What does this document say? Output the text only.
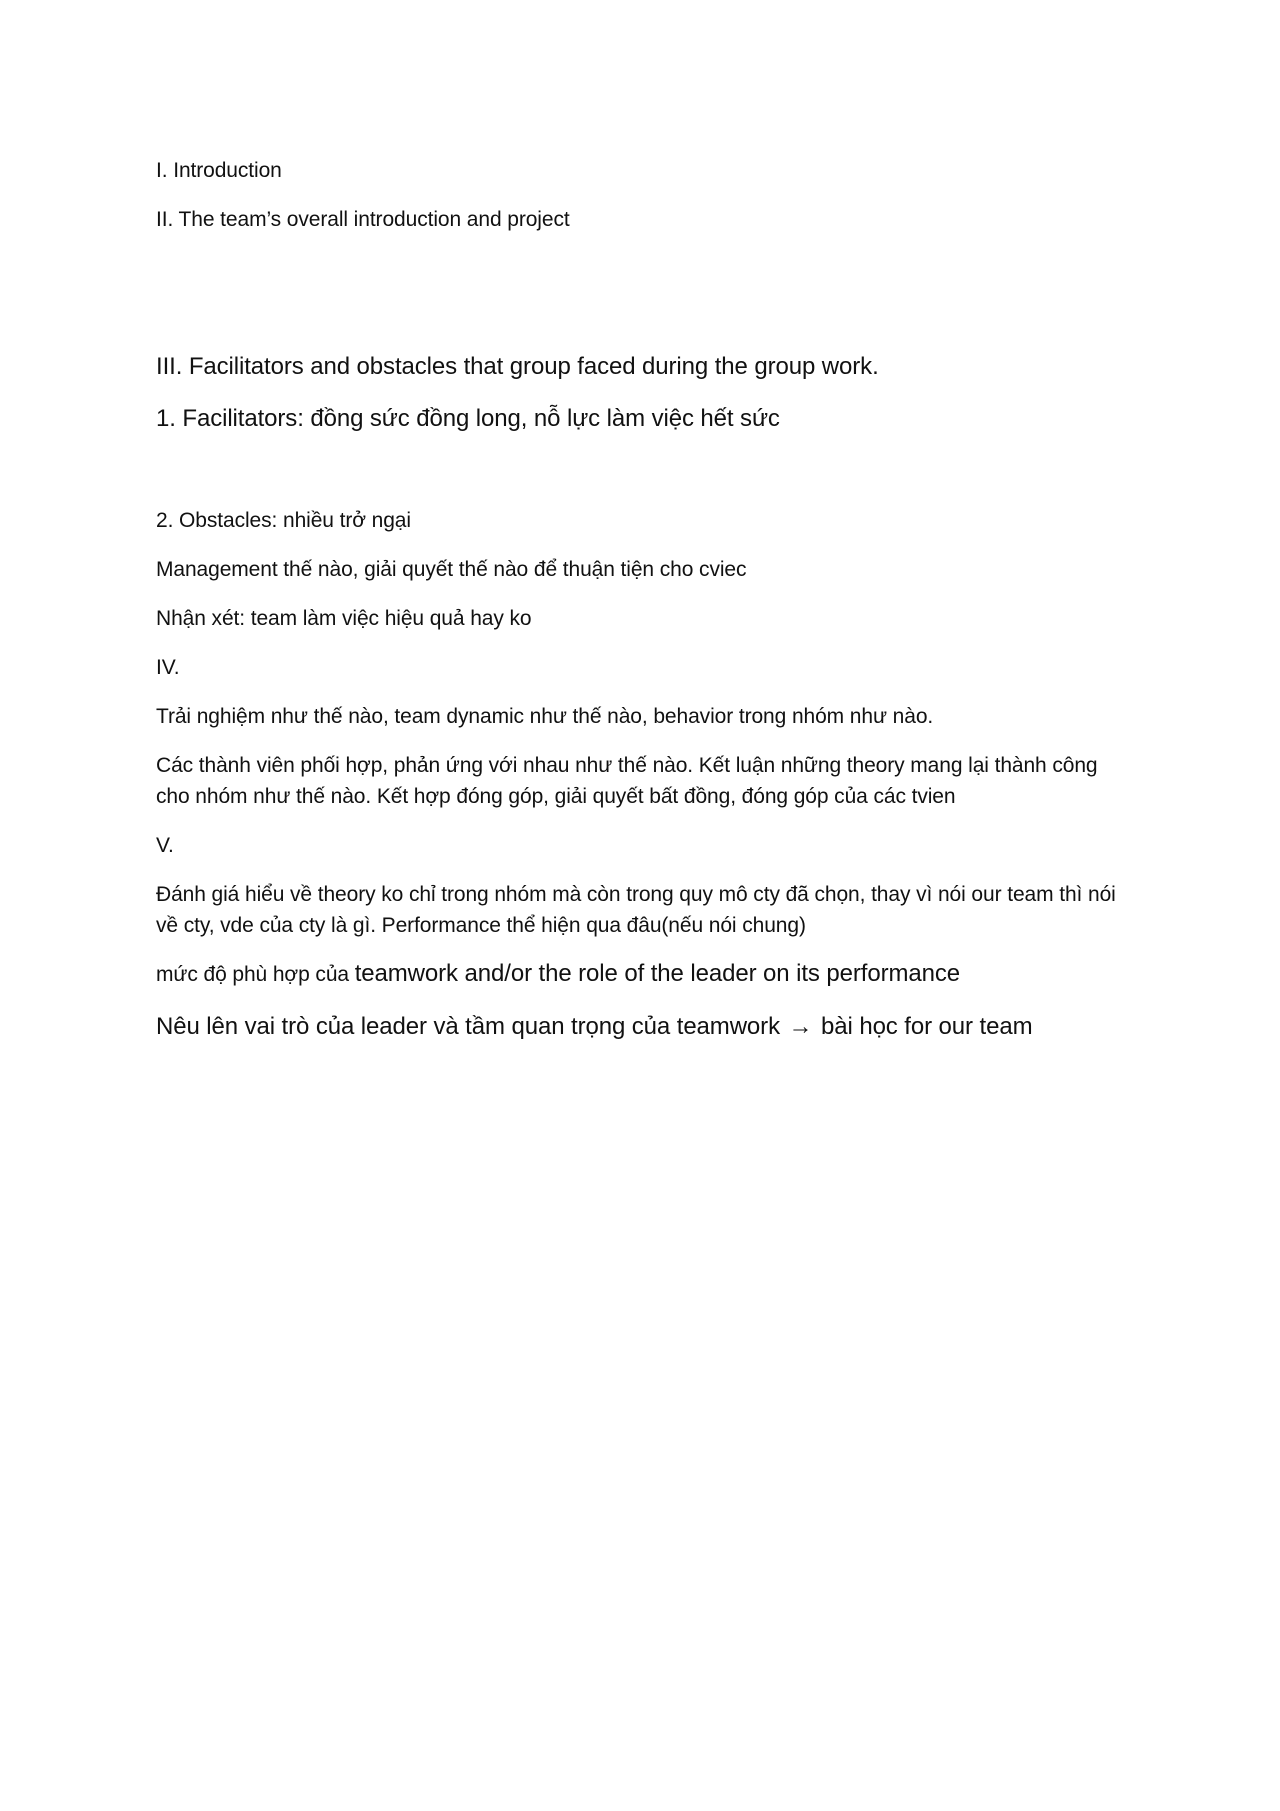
I. Introduction

II. The team’s overall introduction and project

III. Facilitators and obstacles that group faced during the group work.

1. Facilitators: đồng sức đồng long, nỗ lực làm việc hết sức

2. Obstacles: nhiều trở ngại

Management thế nào, giải quyết thế nào để thuận tiện cho cviec

Nhận xét: team làm việc hiệu quả hay ko

IV.

Trải nghiệm như thế nào, team dynamic như thế nào, behavior trong nhóm như nào.

Các thành viên phối hợp, phản ứng với nhau như thế nào. Kết luận những theory mang lại thành công cho nhóm như thế nào. Kết hợp đóng góp, giải quyết bất đồng, đóng góp của các tvien

V.

Đánh giá hiểu về theory ko chỉ trong nhóm mà còn trong quy mô cty đã chọn, thay vì nói our team thì nói về cty, vde của cty là gì. Performance thể hiện qua đâu(nếu nói chung)

mức độ phù hợp của teamwork and/or the role of the leader on its performance

Nêu lên vai trò của leader và tầm quan trọng của teamwork → bài học for our team
